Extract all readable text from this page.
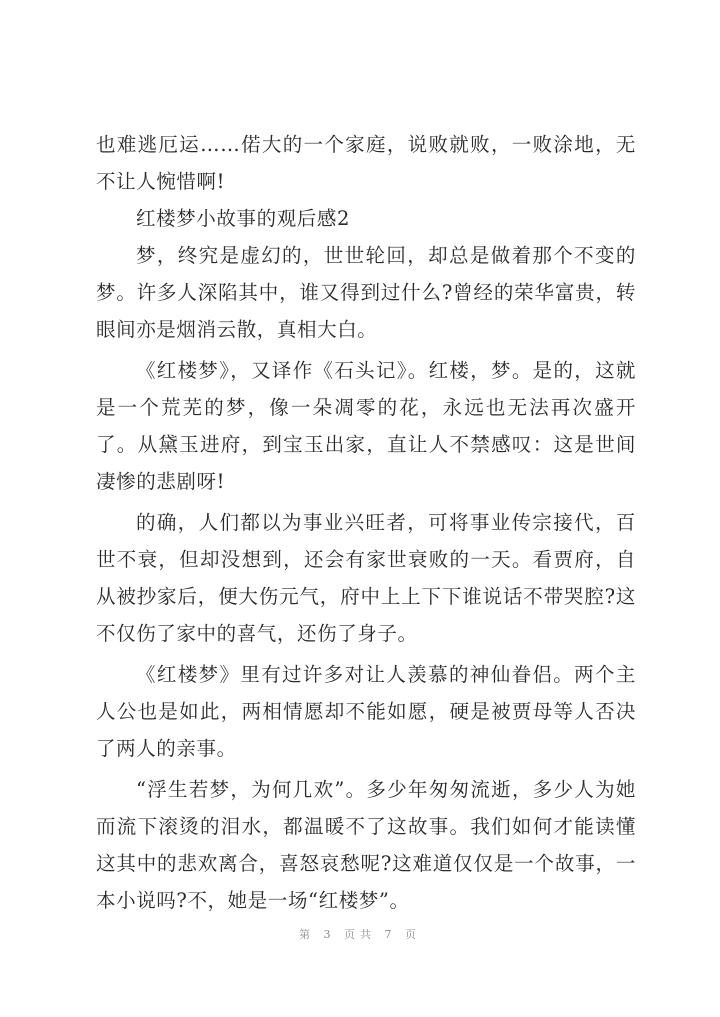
也难逃厄运……偌大的一个家庭，说败就败，一败涂地，无不让人惋惜啊!

红楼梦小故事的观后感2

梦，终究是虚幻的，世世轮回，却总是做着那个不变的梦。许多人深陷其中，谁又得到过什么?曾经的荣华富贵，转眼间亦是烟消云散，真相大白。

《红楼梦》，又译作《石头记》。红楼，梦。是的，这就是一个荒芜的梦，像一朵凋零的花，永远也无法再次盛开了。从黛玉进府，到宝玉出家，直让人不禁感叹：这是世间凄惨的悲剧呀!

的确，人们都以为事业兴旺者，可将事业传宗接代，百世不衰，但却没想到，还会有家世衰败的一天。看贾府，自从被抄家后，便大伤元气，府中上上下下谁说话不带哭腔?这不仅伤了家中的喜气，还伤了身子。

《红楼梦》里有过许多对让人羡慕的神仙眷侣。两个主人公也是如此，两相情愿却不能如愿，硬是被贾母等人否决了两人的亲事。

“浮生若梦，为何几欢”。多少年匆匆流逝，多少人为她而流下滚烫的泪水，都温暖不了这故事。我们如何才能读懂这其中的悲欢离合，喜怒哀愁呢?这难道仅仅是一个故事，一本小说吗?不，她是一场“红楼梦”。

第 3 页共 7 页
